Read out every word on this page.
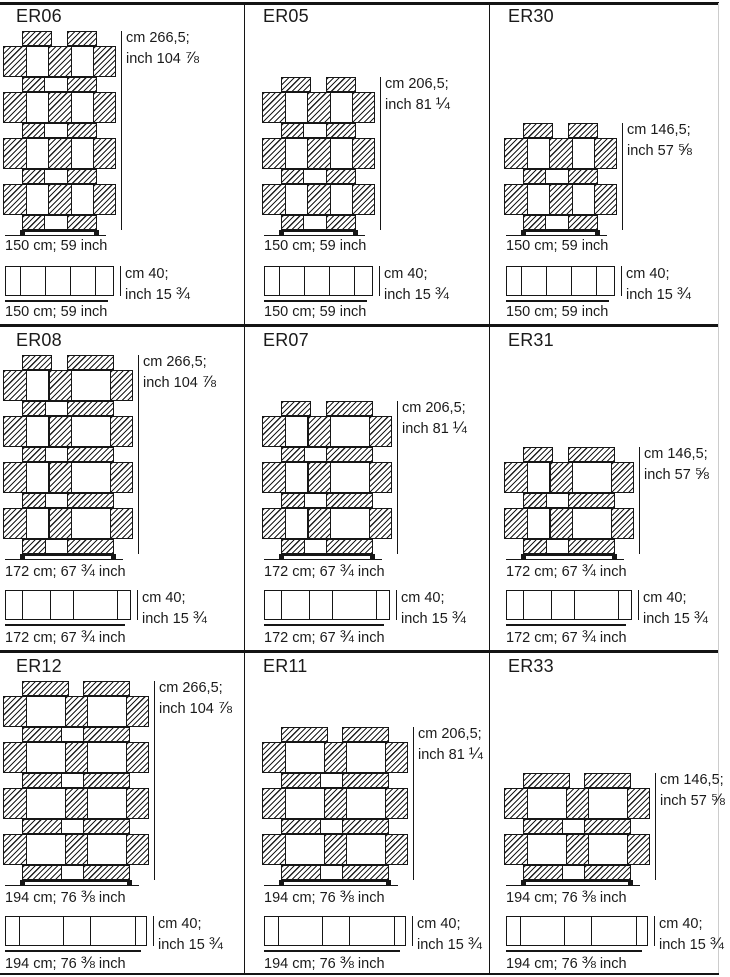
ER06
cm 266,5;
inch 104 ⅞
150 cm; 59 inch
cm 40;
inch 15 ¾
150 cm; 59 inch
ER05
cm 206,5;
inch 81 ¼
150 cm; 59 inch
cm 40;
inch 15 ¾
150 cm; 59 inch
ER30
cm 146,5;
inch 57 ⅝
150 cm; 59 inch
cm 40;
inch 15 ¾
150 cm; 59 inch
ER08
cm 266,5;
inch 104 ⅞
172 cm; 67 ¾ inch
cm 40;
inch 15 ¾
172 cm; 67 ¾ inch
ER07
cm 206,5;
inch 81 ¼
172 cm; 67 ¾ inch
cm 40;
inch 15 ¾
172 cm; 67 ¾ inch
ER31
cm 146,5;
inch 57 ⅝
172 cm; 67 ¾ inch
cm 40;
inch 15 ¾
172 cm; 67 ¾ inch
ER12
cm 266,5;
inch 104 ⅞
194 cm; 76 ⅜ inch
cm 40;
inch 15 ¾
194 cm; 76 ⅜ inch
ER11
cm 206,5;
inch 81 ¼
194 cm; 76 ⅜ inch
cm 40;
inch 15 ¾
194 cm; 76 ⅜ inch
ER33
cm 146,5;
inch 57 ⅝
194 cm; 76 ⅜ inch
cm 40;
inch 15 ¾
194 cm; 76 ⅜ inch
